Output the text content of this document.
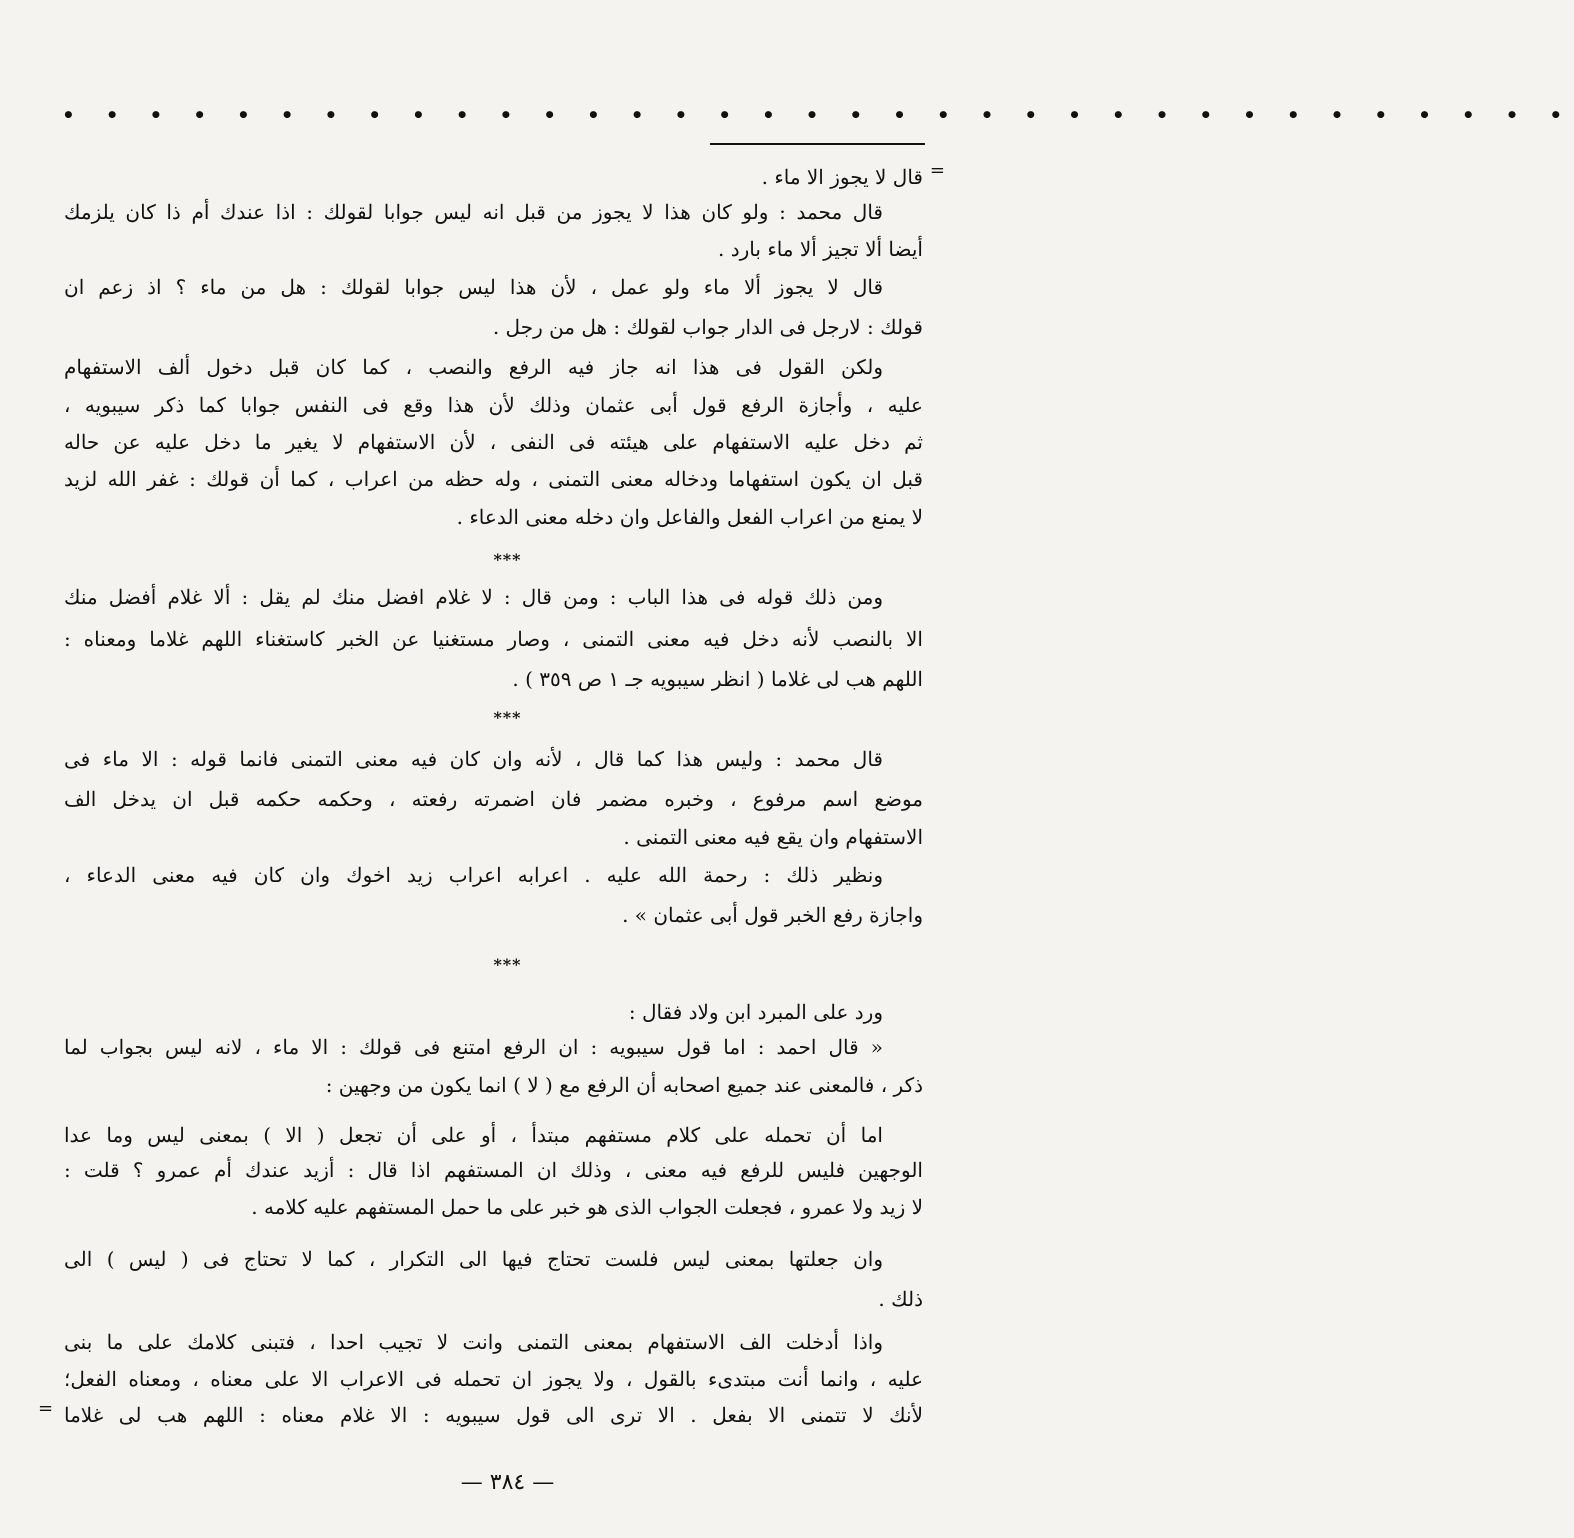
• • • • • • • • • • • • • • • • • • • • • • • • • • • • • • • • • • •
قال لا يجوز الا ماء . =
قال محمد : ولو كان هذا لا يجوز من قبل انه ليس جوابا لقولك : اذا عندك أم ذا كان يلزمك
أيضا ألا تجيز ألا ماء بارد .
قال لا يجوز ألا ماء ولو عمل ، لأن هذا ليس جوابا لقولك : هل من ماء ؟ اذ زعم ان
قولك : لارجل فى الدار جواب لقولك : هل من رجل .
ولكن القول فى هذا انه جاز فيه الرفع والنصب ، كما كان قبل دخول ألف الاستفهام
عليه ، وأجازة الرفع قول أبى عثمان وذلك لأن هذا وقع فى النفس جوابا كما ذكر سيبويه ،
ثم دخل عليه الاستفهام على هيئته فى النفى ، لأن الاستفهام لا يغير ما دخل عليه عن حاله
قبل ان يكون استفهاما ودخاله معنى التمنى ، وله حظه من اعراب ، كما أن قولك : غفر الله لزيد
لا يمنع من اعراب الفعل والفاعل وان دخله معنى الدعاء .
***
ومن ذلك قوله فى هذا الباب : ومن قال : لا غلام افضل منك لم يقل : ألا غلام أفضل منك
الا بالنصب لأنه دخل فيه معنى التمنى ، وصار مستغنيا عن الخبر كاستغناء اللهم غلاما ومعناه :
اللهم هب لى غلاما ( انظر سيبويه جـ ١ ص ٣٥٩ ) .
***
قال محمد : وليس هذا كما قال ، لأنه وان كان فيه معنى التمنى فانما قوله : الا ماء فى
موضع اسم مرفوع ، وخبره مضمر فان اضمرته رفعته ، وحكمه حكمه قبل ان يدخل الف
الاستفهام وان يقع فيه معنى التمنى .
ونظير ذلك : رحمة الله عليه . اعرابه اعراب زيد اخوك وان كان فيه معنى الدعاء ،
واجازة رفع الخبر قول أبى عثمان » .
***
ورد على المبرد ابن ولاد فقال :
« قال احمد : اما قول سيبويه : ان الرفع امتنع فى قولك : الا ماء ، لانه ليس بجواب لما
ذكر ، فالمعنى عند جميع اصحابه أن الرفع مع ( لا ) انما يكون من وجهين :
اما أن تحمله على كلام مستفهم مبتدأ ، أو على أن تجعل ( الا ) بمعنى ليس وما عدا
الوجهين فليس للرفع فيه معنى ، وذلك ان المستفهم اذا قال : أزيد عندك أم عمرو ؟ قلت :
لا زيد ولا عمرو ، فجعلت الجواب الذى هو خبر على ما حمل المستفهم عليه كلامه .
وان جعلتها بمعنى ليس فلست تحتاج فيها الى التكرار ، كما لا تحتاج فى ( ليس ) الى
ذلك .
واذا أدخلت الف الاستفهام بمعنى التمنى وانت لا تجيب احدا ، فتبنى كلامك على ما بنى
عليه ، وانما أنت مبتدىء بالقول ، ولا يجوز ان تحمله فى الاعراب الا على معناه ، ومعناه الفعل؛
لأنك لا تتمنى الا بفعل . الا ترى الى قول سيبويه : الا غلام معناه : اللهم هب لى غلاما
=
— ٣٨٤ —
